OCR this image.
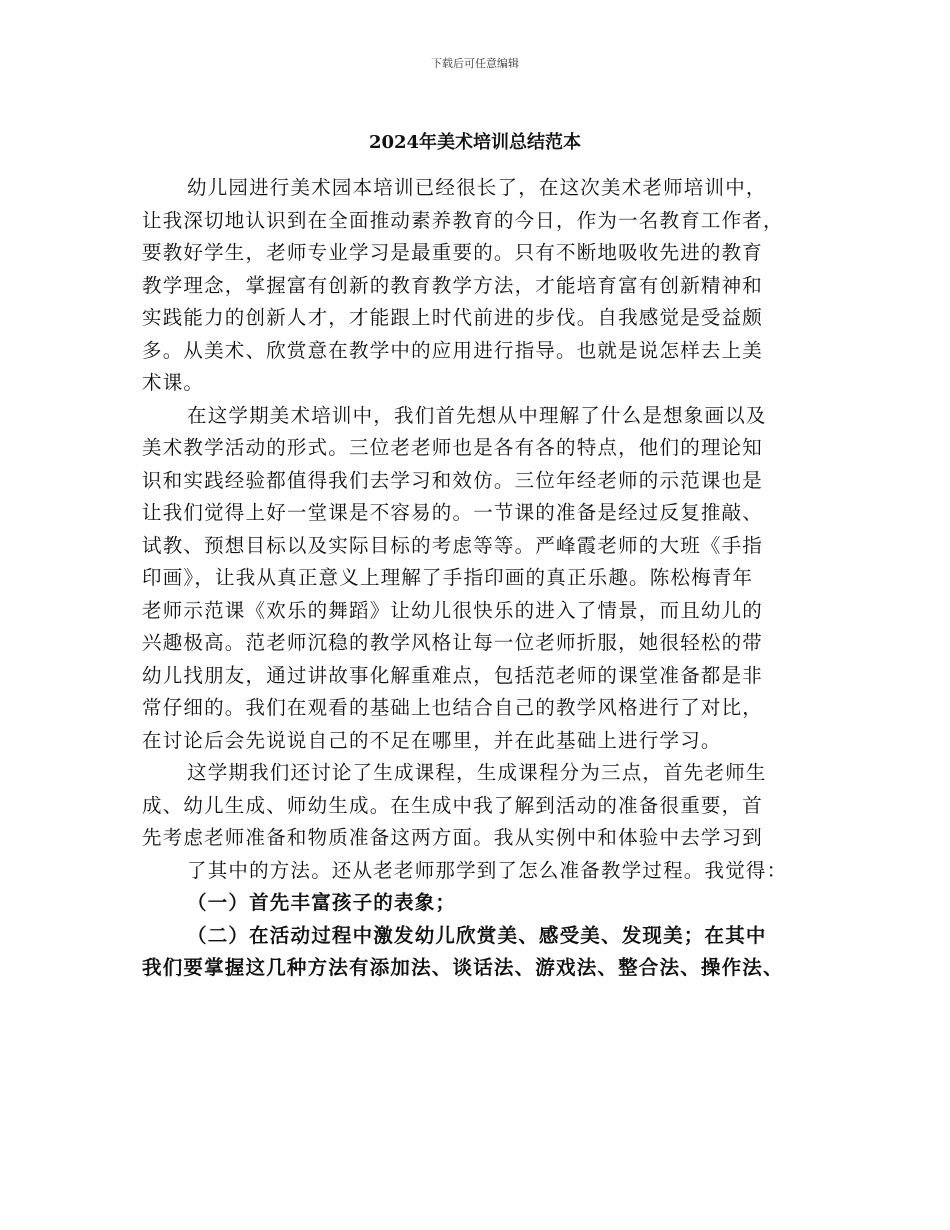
下载后可任意编辑
2024年美术培训总结范本
幼儿园进行美术园本培训已经很长了，在这次美术老师培训中，
让我深切地认识到在全面推动素养教育的今日，作为一名教育工作者，
要教好学生，老师专业学习是最重要的。只有不断地吸收先进的教育
教学理念，掌握富有创新的教育教学方法，才能培育富有创新精神和
实践能力的创新人才，才能跟上时代前进的步伐。自我感觉是受益颇
多。从美术、欣赏意在教学中的应用进行指导。也就是说怎样去上美
术课。
在这学期美术培训中，我们首先想从中理解了什么是想象画以及
美术教学活动的形式。三位老老师也是各有各的特点，他们的理论知
识和实践经验都值得我们去学习和效仿。三位年经老师的示范课也是
让我们觉得上好一堂课是不容易的。一节课的准备是经过反复推敲、
试教、预想目标以及实际目标的考虑等等。严峰霞老师的大班《手指
印画》，让我从真正意义上理解了手指印画的真正乐趣。陈松梅青年
老师示范课《欢乐的舞蹈》让幼儿很快乐的进入了情景，而且幼儿的
兴趣极高。范老师沉稳的教学风格让每一位老师折服，她很轻松的带
幼儿找朋友，通过讲故事化解重难点，包括范老师的课堂准备都是非
常仔细的。我们在观看的基础上也结合自己的教学风格进行了对比，
在讨论后会先说说自己的不足在哪里，并在此基础上进行学习。
这学期我们还讨论了生成课程，生成课程分为三点，首先老师生
成、幼儿生成、师幼生成。在生成中我了解到活动的准备很重要，首
先考虑老师准备和物质准备这两方面。我从实例中和体验中去学习到
了其中的方法。还从老老师那学到了怎么准备教学过程。我觉得：
（一）首先丰富孩子的表象；
（二）在活动过程中激发幼儿欣赏美、感受美、发现美；在其中
我们要掌握这几种方法有添加法、谈话法、游戏法、整合法、操作法、
